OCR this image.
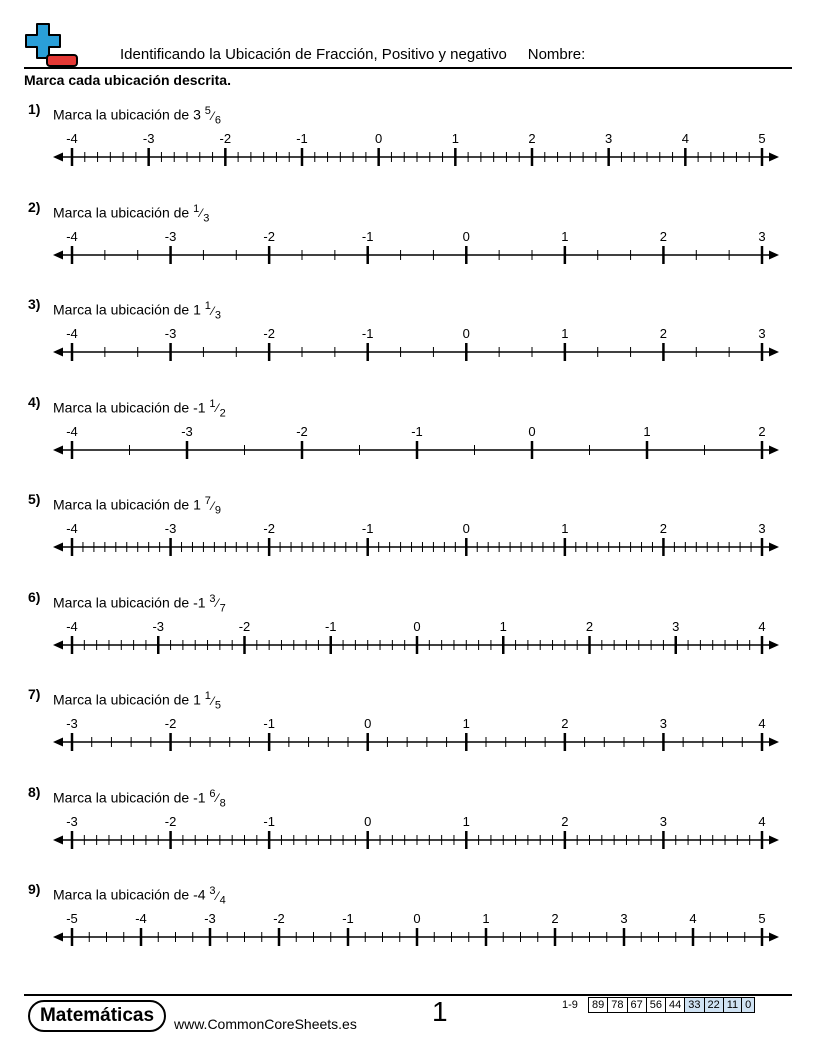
Identificando la Ubicación de Fracción, Positivo y negativo Nombre:
Marca cada ubicación descrita.
1) Marca la ubicación de 3 $^5⁄_6$
-4	-3	-2	-1	0	1	2	3	4	5
2) Marca la ubicación de $^1⁄_3$
-4	-3	-2	-1	0	1	2	3
3) Marca la ubicación de 1 $^1⁄_3$
-4	-3	-2	-1	0	1	2	3
4) Marca la ubicación de -1 $^1⁄_2$
-4	-3	-2	-1	0	1	2
5) Marca la ubicación de 1 $^7⁄_9$
-4	-3	-2	-1	0	1	2	3
6) Marca la ubicación de -1 $^3⁄_7$
-4	-3	-2	-1	0	1	2	3	4
7) Marca la ubicación de 1 $^1⁄_5$
-3	-2	-1	0	1	2	3	4
8) Marca la ubicación de -1 $^6⁄_8$
-3	-2	-1	0	1	2	3	4
9) Marca la ubicación de -4 $^3⁄_4$
-5	-4	-3	-2	-1	0	1	2	3	4	5
Matemáticas	www.CommonCoreSheets.es	1	1-9 89	78	67	56	44	33	22	11	0
